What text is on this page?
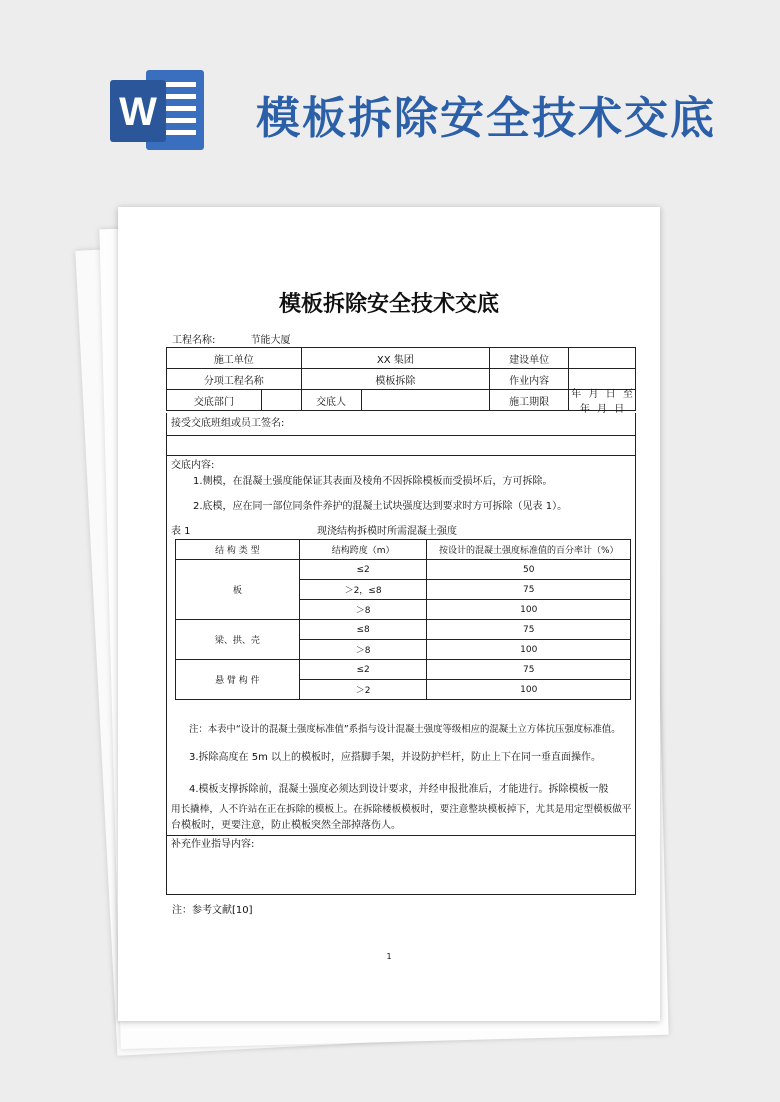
W 模板拆除安全技术交底
模板拆除安全技术交底
工程名称:	节能大厦
施工单位		XX 集团		建设单位

分项工程名称		模板拆除		作业内容

交底部门		交底人		施工期限
年 月 日 至 年 月 日
接受交底班组或员工签名:
交底内容:
1.侧模，在混凝土强度能保证其表面及棱角不因拆除模板而受损坏后，方可拆除。
2.底模，应在同一部位同条件养护的混凝土试块强度达到要求时方可拆除（见表 1）。
表 1	现浇结构拆模时所需混凝土强度
结 构 类 型	结构跨度（m）	按设计的混凝土强度标准值的百分率计（%）
板	≤2	50
	＞2，≤8	75
	＞8	100
梁、拱、壳	≤8	75
	＞8	100
悬 臂 构 件	≤2	75
	＞2	100
注：本表中“设计的混凝土强度标准值”系指与设计混凝土强度等级相应的混凝土立方体抗压强度标准值。
3.拆除高度在 5m 以上的模板时，应搭脚手架，并设防护栏杆，防止上下在同一垂直面操作。
4.模板支撑拆除前，混凝土强度必须达到设计要求，并经申报批准后，才能进行。拆除模板一般
用长撬棒，人不许站在正在拆除的模板上。在拆除楼板模板时，要注意整块模板掉下，尤其是用定型模板做平
台模板时，更要注意，防止模板突然全部掉落伤人。
补充作业指导内容:
注：参考文献[10]
1
